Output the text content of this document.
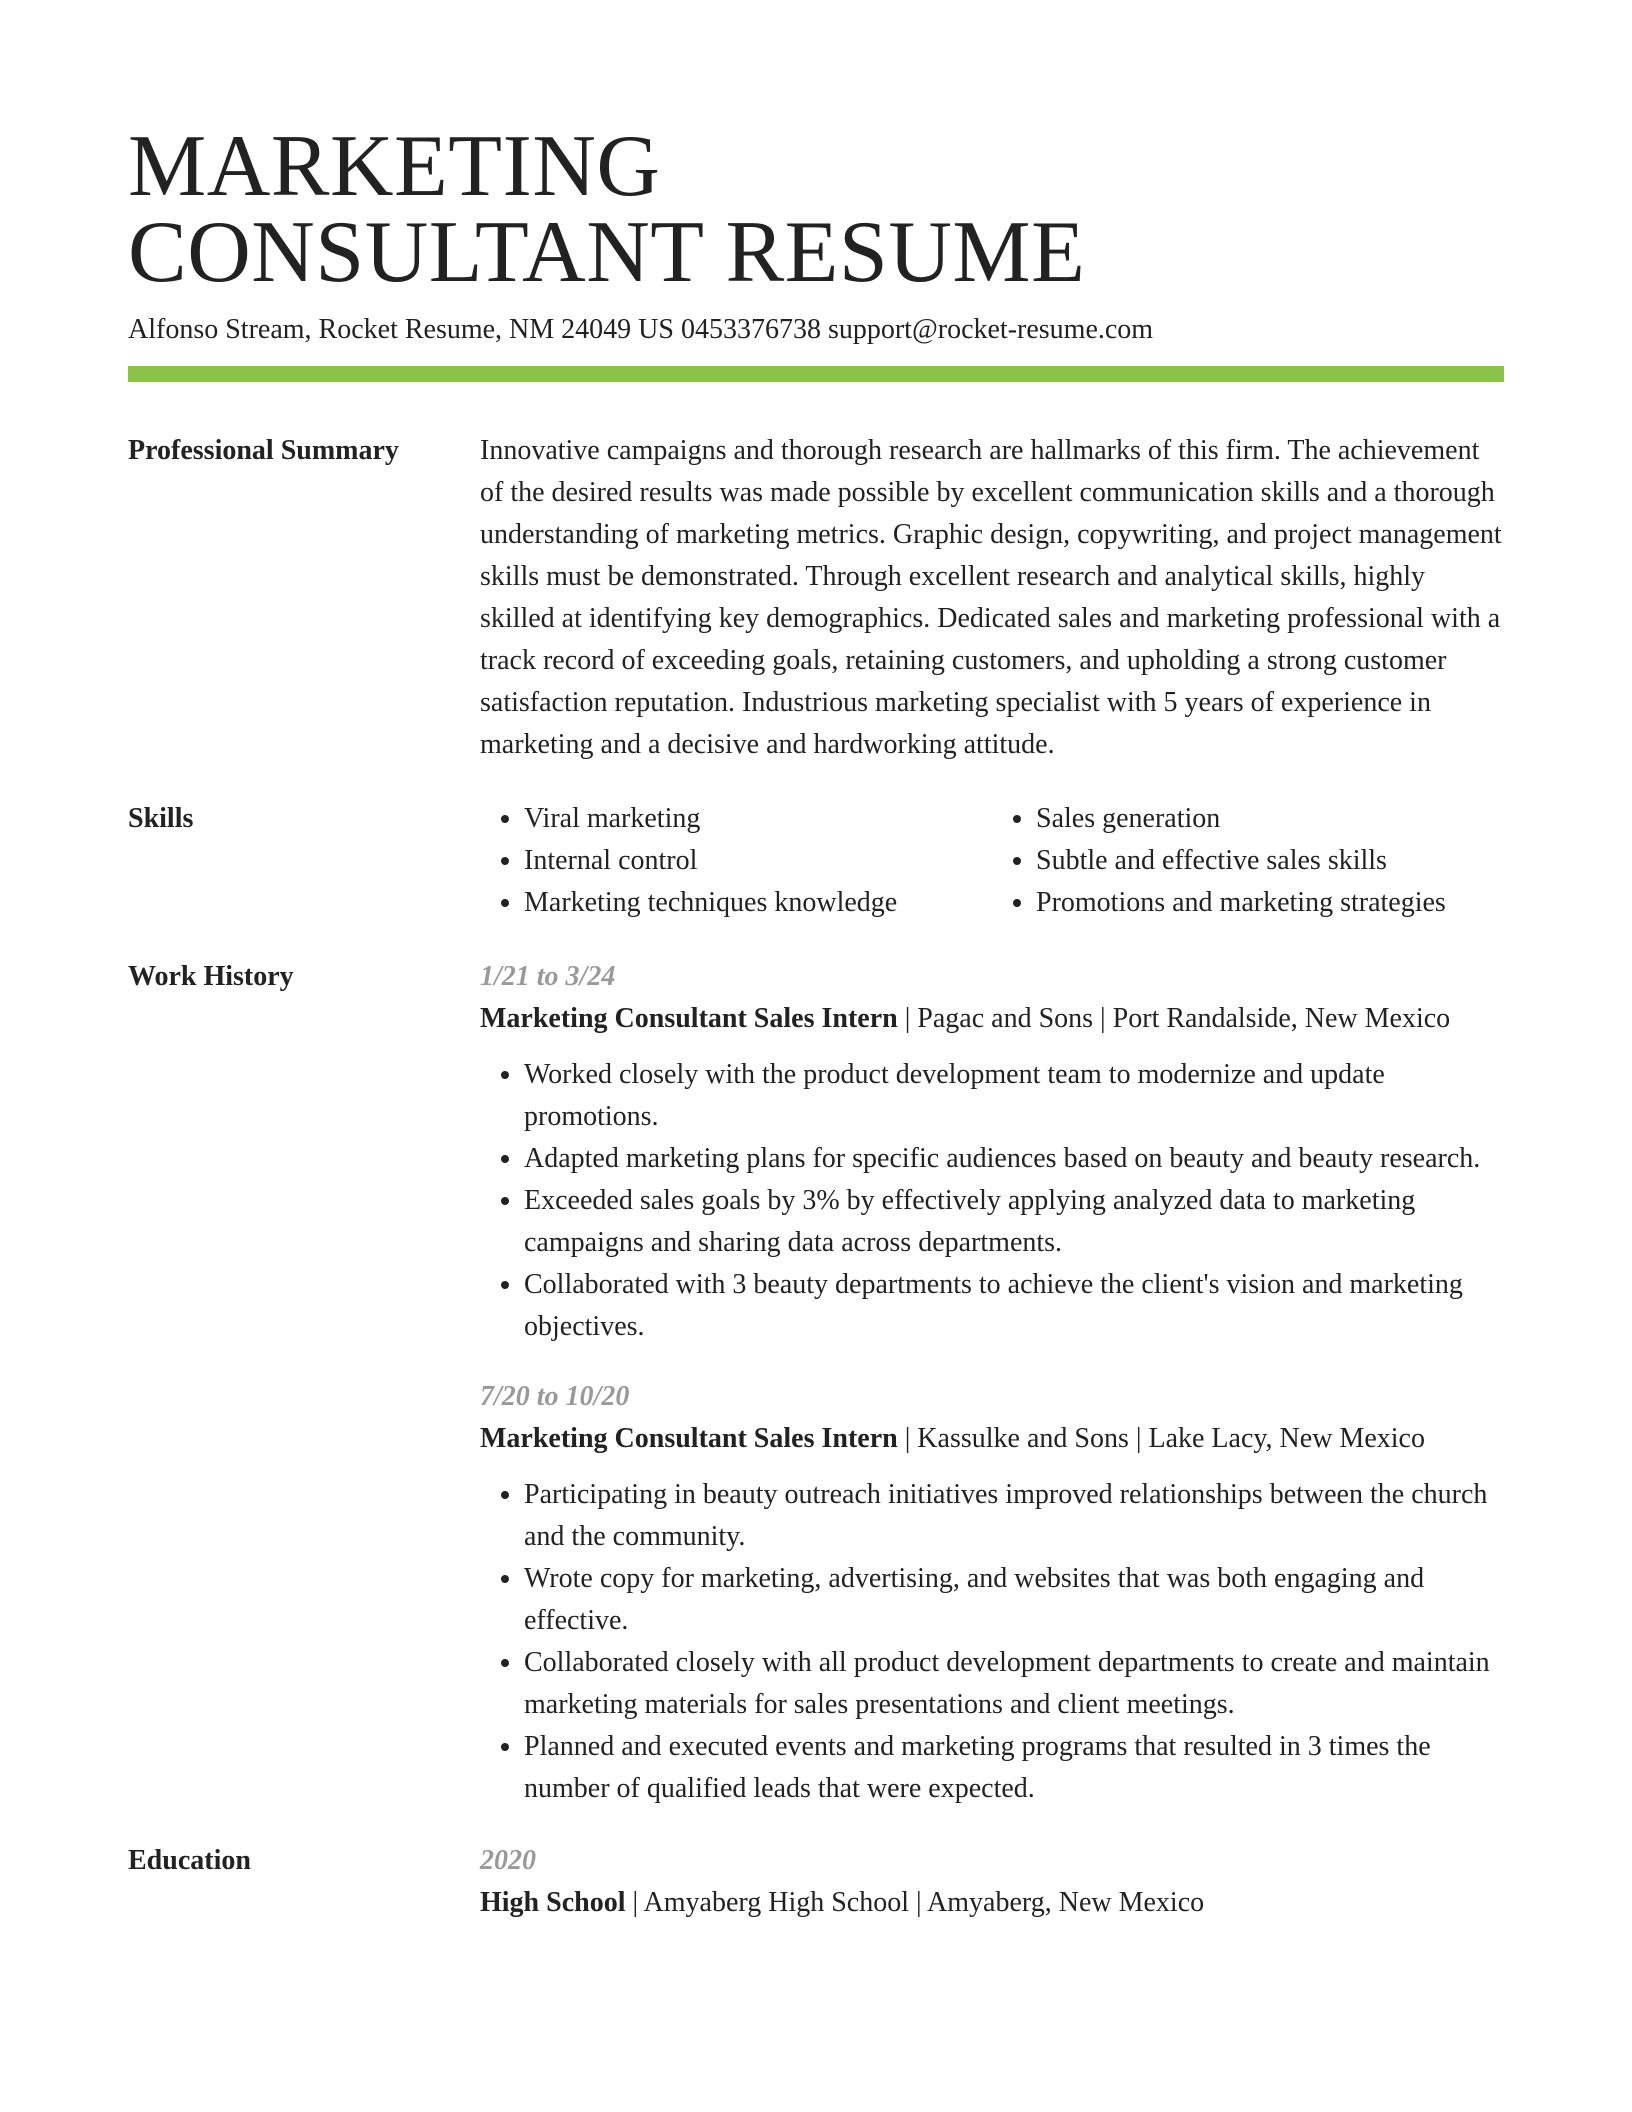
MARKETING
CONSULTANT RESUME
Alfonso Stream, Rocket Resume, NM 24049 US 0453376738 support@rocket-resume.com
Professional Summary	Innovative campaigns and thorough research are hallmarks of this firm. The achievement of the desired results was made possible by excellent communication skills and a thorough understanding of marketing metrics. Graphic design, copywriting, and project management skills must be demonstrated. Through excellent research and analytical skills, highly skilled at identifying key demographics. Dedicated sales and marketing professional with a track record of exceeding goals, retaining customers, and upholding a strong customer satisfaction reputation. Industrious marketing specialist with 5 years of experience in marketing and a decisive and hardworking attitude.
Skills
•	Viral marketing
• Internal control
• Marketing techniques knowledge
• Sales generation
• Subtle and effective sales skills
• Promotions and marketing strategies
Work History	1/21 to 3/24
Marketing Consultant Sales Intern | Pagac and Sons | Port Randalside, New Mexico
• Worked closely with the product development team to modernize and update promotions.
• Adapted marketing plans for specific audiences based on beauty and beauty research.
• Exceeded sales goals by 3% by effectively applying analyzed data to marketing campaigns and sharing data across departments.
• Collaborated with 3 beauty departments to achieve the client's vision and marketing objectives.
7/20 to 10/20
Marketing Consultant Sales Intern | Kassulke and Sons | Lake Lacy, New Mexico
• Participating in beauty outreach initiatives improved relationships between the church and the community.
• Wrote copy for marketing, advertising, and websites that was both engaging and effective.
• Collaborated closely with all product development departments to create and maintain marketing materials for sales presentations and client meetings.
• Planned and executed events and marketing programs that resulted in 3 times the number of qualified leads that were expected.
Education	2020
High School | Amyaberg High School | Amyaberg, New Mexico
